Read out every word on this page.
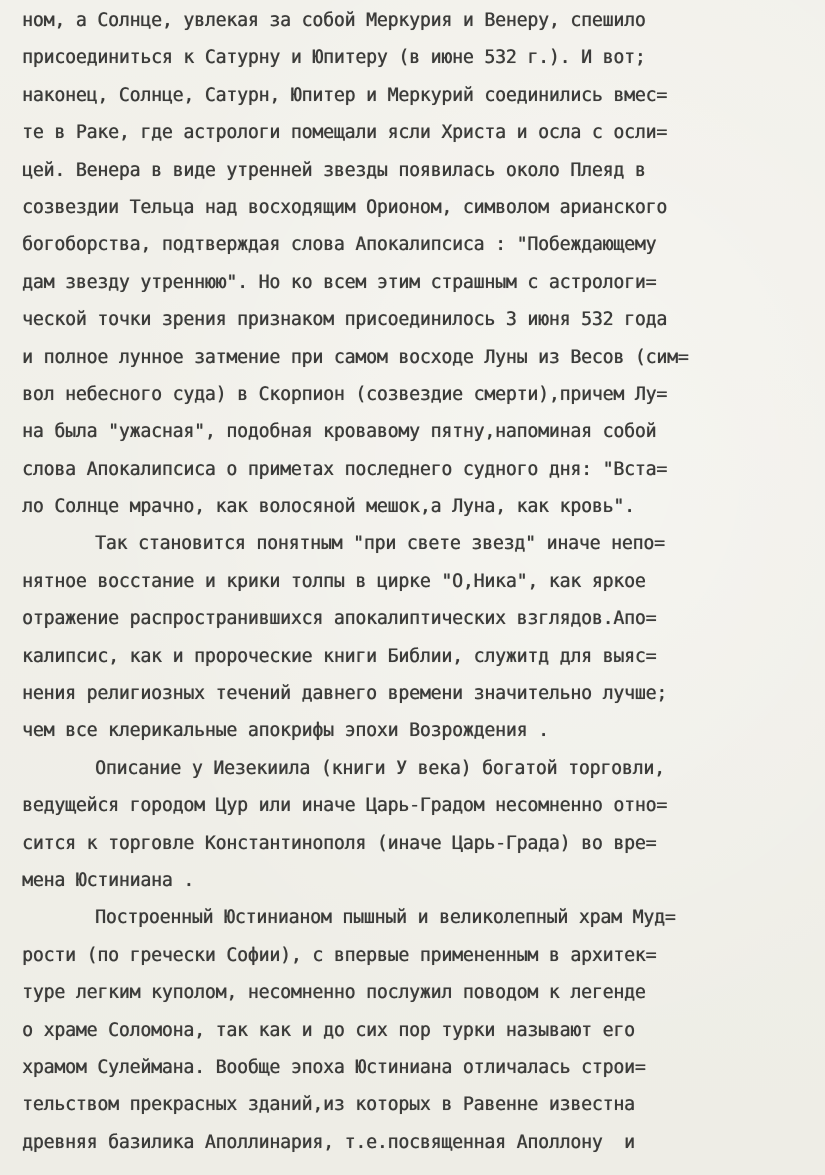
ном, а Солнце, увлекая за собой Меркурия и Венеру, спешило
присоединиться к Сатурну и Юпитеру (в июне 532 г.). И вот;
наконец, Солнце, Сатурн, Юпитер и Меркурий соединились вмес=
те в Раке, где астрологи помещали ясли Христа и осла с осли=
цей. Венера в виде утренней звезды появилась около Плеяд в
созвездии Тельца над восходящим Орионом, символом арианского
богоборства, подтверждая слова Апокалипсиса : "Побеждающему
дам звезду утреннюю". Но ко всем этим страшным с астрологи=
ческой точки зрения признаком присоединилось 3 июня 532 года
и полное лунное затмение при самом восходе Луны из Весов (сим=
вол небесного суда) в Скорпион (созвездие смерти),причем Лу=
на была "ужасная", подобная кровавому пятну,напоминая собой
слова Апокалипсиса о приметах последнего судного дня: "Вста=
ло Солнце мрачно, как волосяной мешок,а Луна, как кровь".
Так становится понятным "при свете звезд" иначе непо=
нятное восстание и крики толпы в цирке "О,Ника", как яркое
отражение распространившихся апокалиптических взглядов.Апо=
калипсис, как и пророческие книги Библии, служитд для выяс=
нения религиозных течений давнего времени значительно лучше;
чем все клерикальные апокрифы эпохи Возрождения .
Описание у Иезекиила (книги У века) богатой торговли,
ведущейся городом Цур или иначе Царь-Градом несомненно отно=
сится к торговле Константинополя (иначе Царь-Града) во вре=
мена Юстиниана .
Построенный Юстинианом пышный и великолепный храм Муд=
рости (по гречески Софии), с впервые примененным в архитек=
туре легким куполом, несомненно послужил поводом к легенде
о храме Соломона, так как и до сих пор турки называют его
храмом Сулеймана. Вообще эпоха Юстиниана отличалась строи=
тельством прекрасных зданий,из которых в Равенне известна
древняя базилика Аполлинария, т.е.посвященная Аполлону  и
